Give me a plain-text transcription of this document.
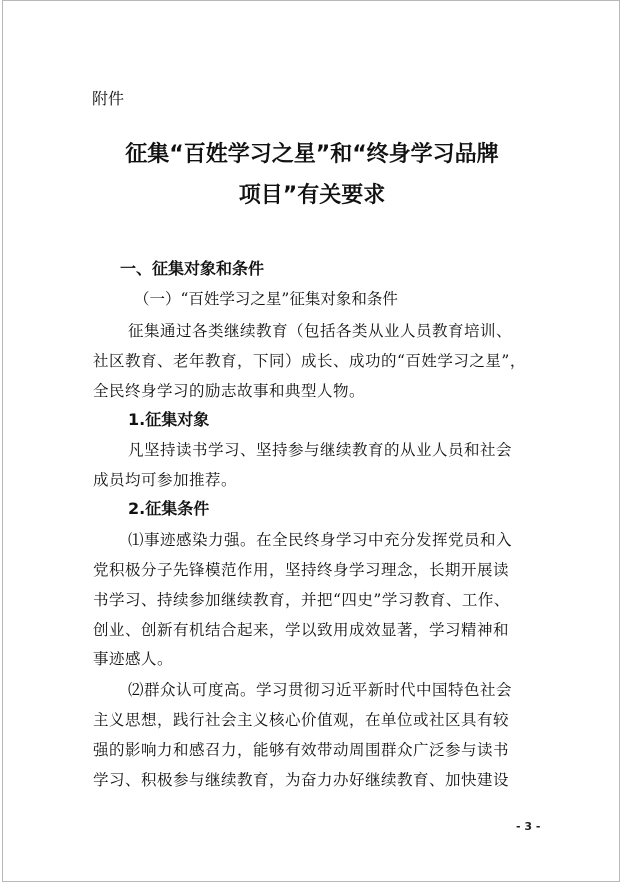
附件
征集“百姓学习之星”和“终身学习品牌
项目”有关要求
一、征集对象和条件
（一）“百姓学习之星”征集对象和条件
征集通过各类继续教育（包括各类从业人员教育培训、
社区教育、老年教育，下同）成长、成功的“百姓学习之星”，
全民终身学习的励志故事和典型人物。
1.征集对象
凡坚持读书学习、坚持参与继续教育的从业人员和社会
成员均可参加推荐。
2.征集条件
⑴事迹感染力强。在全民终身学习中充分发挥党员和入
党积极分子先锋模范作用，坚持终身学习理念，长期开展读
书学习、持续参加继续教育，并把“四史”学习教育、工作、
创业、创新有机结合起来，学以致用成效显著，学习精神和
事迹感人。
⑵群众认可度高。学习贯彻习近平新时代中国特色社会
主义思想，践行社会主义核心价值观，在单位或社区具有较
强的影响力和感召力，能够有效带动周围群众广泛参与读书
学习、积极参与继续教育，为奋力办好继续教育、加快建设
- 3 -
